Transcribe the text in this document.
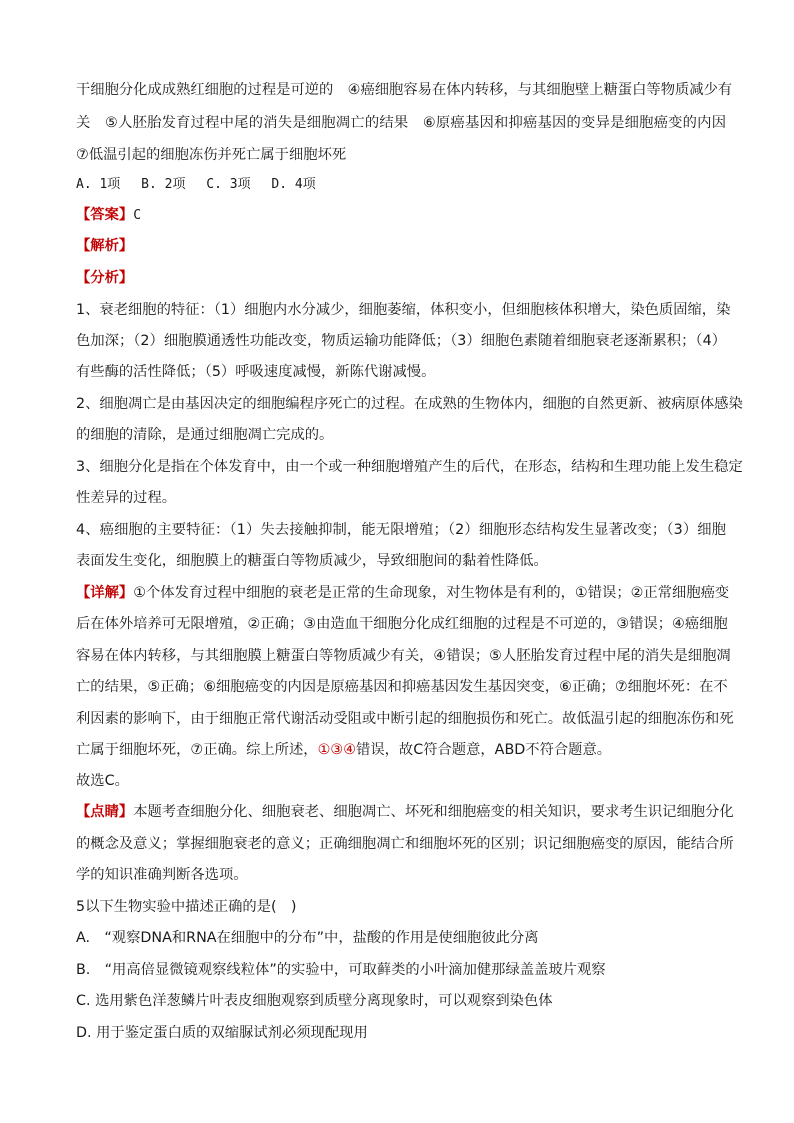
干细胞分化成成熟红细胞的过程是可逆的　④癌细胞容易在体内转移，与其细胞壁上糖蛋白等物质减少有
关　⑤人胚胎发育过程中尾的消失是细胞凋亡的结果　⑥原癌基因和抑癌基因的变异是细胞癌变的内因
⑦低温引起的细胞冻伤并死亡属于细胞坏死
A. 1项　 B. 2项　 C. 3项　 D. 4项
【答案】C
【解析】
【分析】
1、衰老细胞的特征：（1）细胞内水分减少，细胞萎缩，体积变小，但细胞核体积增大，染色质固缩，染
色加深；（2）细胞膜通透性功能改变，物质运输功能降低；（3）细胞色素随着细胞衰老逐渐累积；（4）
有些酶的活性降低；（5）呼吸速度减慢，新陈代谢减慢。
2、细胞凋亡是由基因决定的细胞编程序死亡的过程。在成熟的生物体内，细胞的自然更新、被病原体感染
的细胞的清除，是通过细胞凋亡完成的。
3、细胞分化是指在个体发育中，由一个或一种细胞增殖产生的后代，在形态，结构和生理功能上发生稳定
性差异的过程。
4、癌细胞的主要特征：（1）失去接触抑制，能无限增殖；（2）细胞形态结构发生显著改变；（3）细胞
表面发生变化，细胞膜上的糖蛋白等物质减少，导致细胞间的黏着性降低。
【详解】①个体发育过程中细胞的衰老是正常的生命现象，对生物体是有利的，①错误；②正常细胞癌变
后在体外培养可无限增殖，②正确；③由造血干细胞分化成红细胞的过程是不可逆的，③错误；④癌细胞
容易在体内转移，与其细胞膜上糖蛋白等物质减少有关，④错误；⑤人胚胎发育过程中尾的消失是细胞凋
亡的结果，⑤正确；⑥细胞癌变的内因是原癌基因和抑癌基因发生基因突变，⑥正确；⑦细胞坏死：在不
利因素的影响下，由于细胞正常代谢活动受阻或中断引起的细胞损伤和死亡。故低温引起的细胞冻伤和死
亡属于细胞坏死，⑦正确。综上所述，①③④错误，故C符合题意，ABD不符合题意。
故选C。
【点睛】本题考查细胞分化、细胞衰老、细胞凋亡、坏死和细胞癌变的相关知识，要求考生识记细胞分化
的概念及意义；掌握细胞衰老的意义；正确细胞凋亡和细胞坏死的区别；识记细胞癌变的原因，能结合所
学的知识准确判断各选项。
5以下生物实验中描述正确的是(　)
A.　“观察DNA和RNA在细胞中的分布”中，盐酸的作用是使细胞彼此分离
B.　“用高倍显微镜观察线粒体”的实验中，可取藓类的小叶滴加健那绿盖盖玻片观察
C. 选用紫色洋葱鳞片叶表皮细胞观察到质壁分离现象时，可以观察到染色体
D. 用于鉴定蛋白质的双缩脲试剂必须现配现用
